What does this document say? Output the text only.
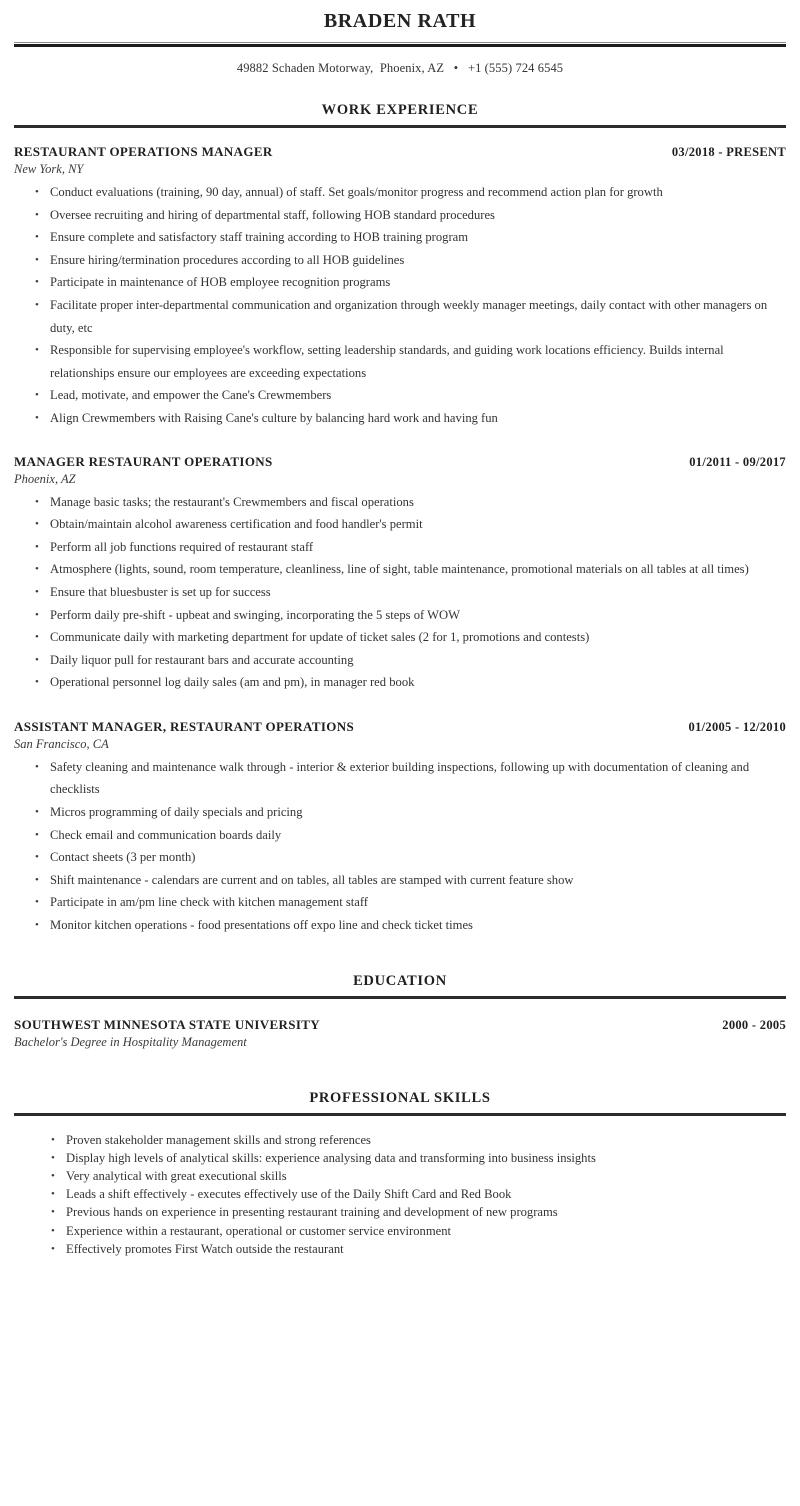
BRADEN RATH
49882 Schaden Motorway,  Phoenix, AZ   •   +1 (555) 724 6545
WORK EXPERIENCE
RESTAURANT OPERATIONS MANAGER	03/2018 - PRESENT
New York, NY
• Conduct evaluations (training, 90 day, annual) of staff. Set goals/monitor progress and recommend action plan for growth
• Oversee recruiting and hiring of departmental staff, following HOB standard procedures
• Ensure complete and satisfactory staff training according to HOB training program
• Ensure hiring/termination procedures according to all HOB guidelines
• Participate in maintenance of HOB employee recognition programs
• Facilitate proper inter-departmental communication and organization through weekly manager meetings, daily contact with other managers on duty, etc
• Responsible for supervising employee's workflow, setting leadership standards, and guiding work locations efficiency. Builds internal relationships ensure our employees are exceeding expectations
• Lead, motivate, and empower the Cane's Crewmembers
• Align Crewmembers with Raising Cane's culture by balancing hard work and having fun
MANAGER RESTAURANT OPERATIONS	01/2011 - 09/2017
Phoenix, AZ
• Manage basic tasks; the restaurant's Crewmembers and fiscal operations
• Obtain/maintain alcohol awareness certification and food handler's permit
• Perform all job functions required of restaurant staff
• Atmosphere (lights, sound, room temperature, cleanliness, line of sight, table maintenance, promotional materials on all tables at all times)
• Ensure that bluesbuster is set up for success
• Perform daily pre-shift - upbeat and swinging, incorporating the 5 steps of WOW
• Communicate daily with marketing department for update of ticket sales (2 for 1, promotions and contests)
• Daily liquor pull for restaurant bars and accurate accounting
• Operational personnel log daily sales (am and pm), in manager red book
ASSISTANT MANAGER, RESTAURANT OPERATIONS	01/2005 - 12/2010
San Francisco, CA
• Safety cleaning and maintenance walk through - interior & exterior building inspections, following up with documentation of cleaning and checklists
• Micros programming of daily specials and pricing
• Check email and communication boards daily
• Contact sheets (3 per month)
• Shift maintenance - calendars are current and on tables, all tables are stamped with current feature show
• Participate in am/pm line check with kitchen management staff
• Monitor kitchen operations - food presentations off expo line and check ticket times
EDUCATION
SOUTHWEST MINNESOTA STATE UNIVERSITY	2000 - 2005
Bachelor's Degree in Hospitality Management
PROFESSIONAL SKILLS
• Proven stakeholder management skills and strong references
• Display high levels of analytical skills: experience analysing data and transforming into business insights
• Very analytical with great executional skills
• Leads a shift effectively - executes effectively use of the Daily Shift Card and Red Book
• Previous hands on experience in presenting restaurant training and development of new programs
• Experience within a restaurant, operational or customer service environment
• Effectively promotes First Watch outside the restaurant
